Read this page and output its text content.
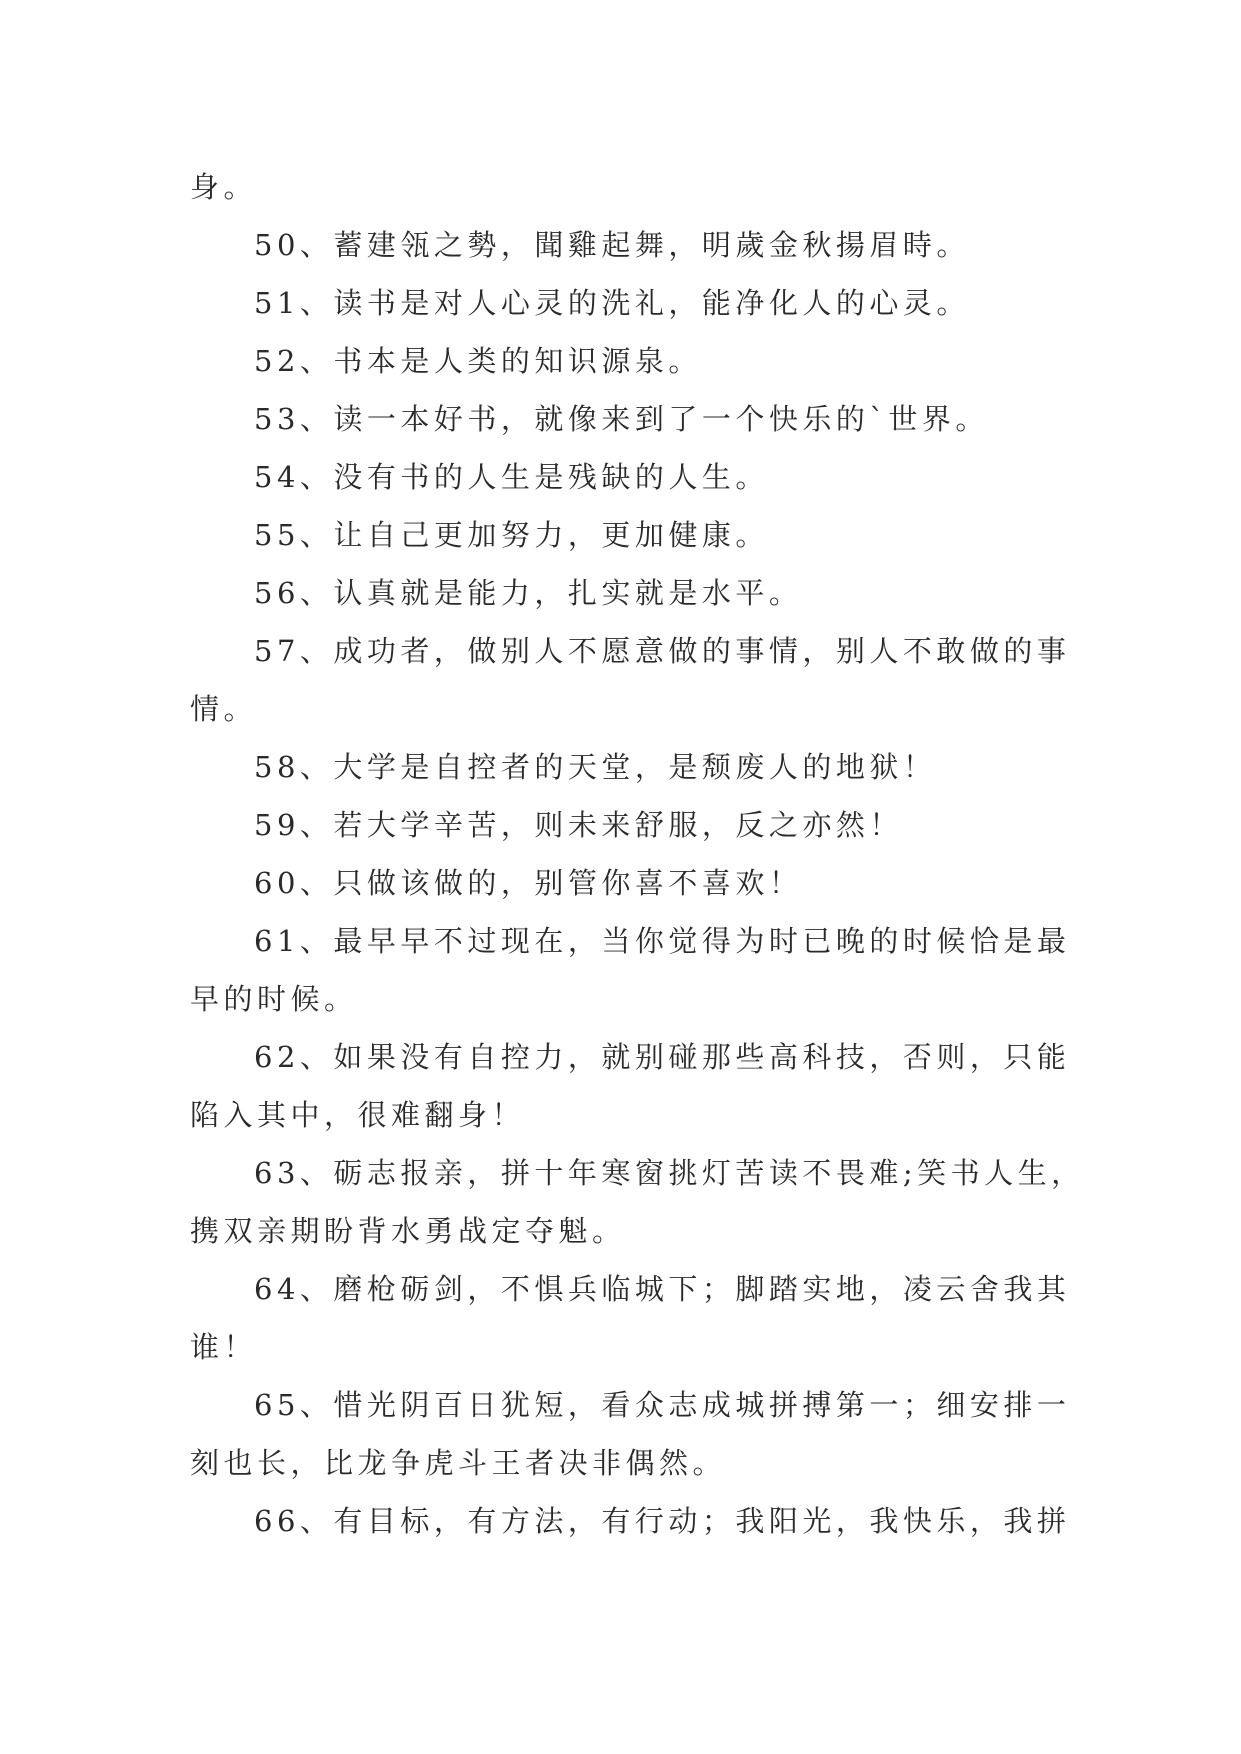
身。
50、蓄建瓴之勢，聞雞起舞，明歲金秋揚眉時。
51、读书是对人心灵的洗礼，能净化人的心灵。
52、书本是人类的知识源泉。
53、读一本好书，就像来到了一个快乐的`世界。
54、没有书的人生是残缺的人生。
55、让自己更加努力，更加健康。
56、认真就是能力，扎实就是水平。
57、成功者，做别人不愿意做的事情，别人不敢做的事
情。
58、大学是自控者的天堂，是颓废人的地狱！
59、若大学辛苦，则未来舒服，反之亦然！
60、只做该做的，别管你喜不喜欢！
61、最早早不过现在，当你觉得为时已晚的时候恰是最
早的时候。
62、如果没有自控力，就别碰那些高科技，否则，只能
陷入其中，很难翻身！
63、砺志报亲，拼十年寒窗挑灯苦读不畏难;笑书人生，
携双亲期盼背水勇战定夺魁。
64、磨枪砺剑，不惧兵临城下；脚踏实地，凌云舍我其
谁！
65、惜光阴百日犹短，看众志成城拼搏第一；细安排一
刻也长，比龙争虎斗王者决非偶然。
66、有目标，有方法，有行动；我阳光，我快乐，我拼
